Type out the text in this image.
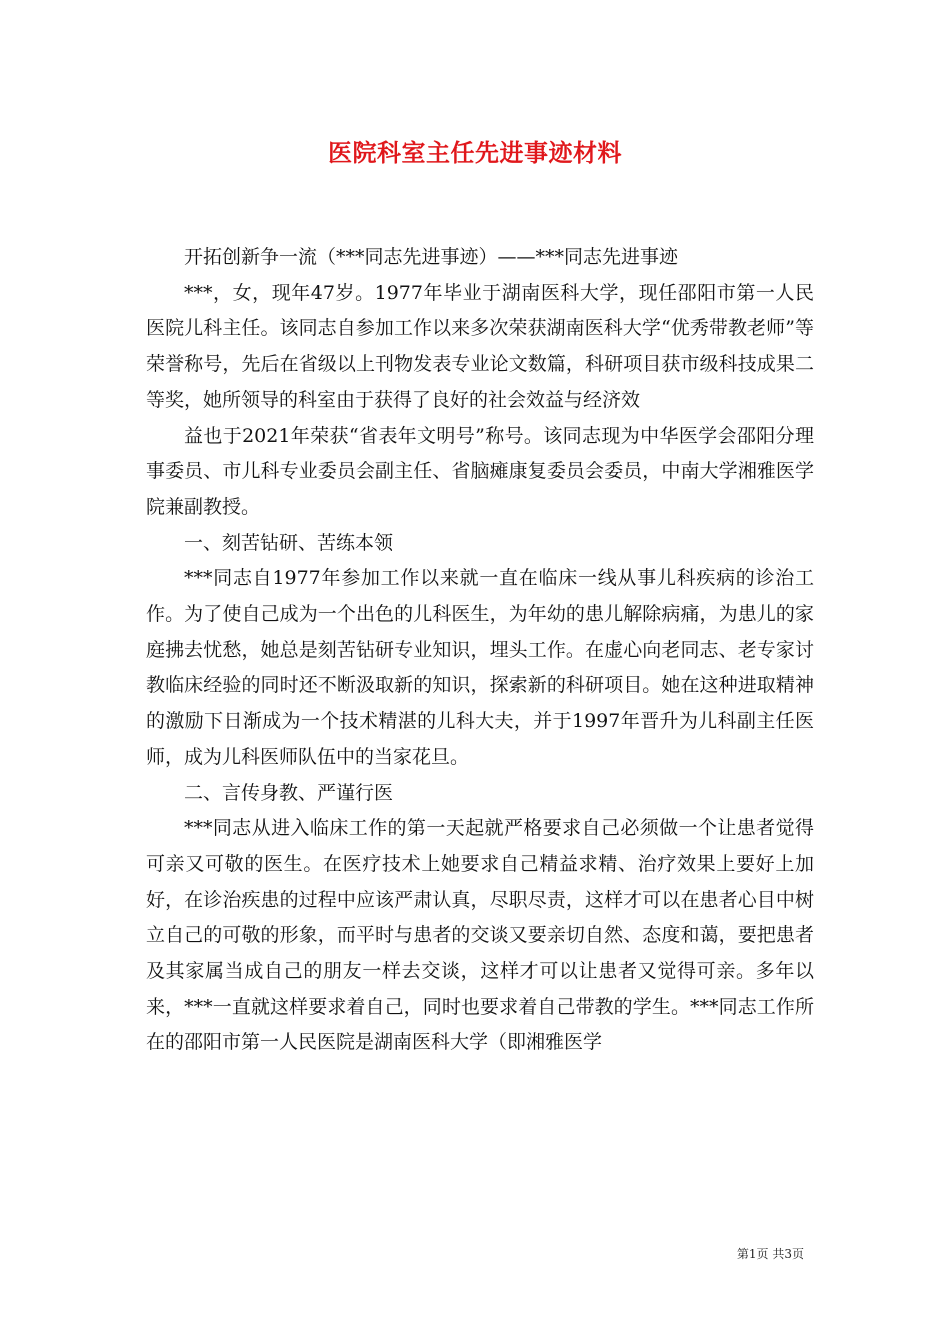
医院科室主任先进事迹材料

开拓创新争一流（***同志先进事迹）——***同志先进事迹

***，女，现年47岁。1977年毕业于湖南医科大学，现任邵阳市第一人民医院儿科主任。该同志自参加工作以来多次荣获湖南医科大学“优秀带教老师”等荣誉称号，先后在省级以上刊物发表专业论文数篇，科研项目获市级科技成果二等奖，她所领导的科室由于获得了良好的社会效益与经济效

益也于2021年荣获“省表年文明号”称号。该同志现为中华医学会邵阳分理事委员、市儿科专业委员会副主任、省脑瘫康复委员会委员，中南大学湘雅医学院兼副教授。

一、刻苦钻研、苦练本领

***同志自1977年参加工作以来就一直在临床一线从事儿科疾病的诊治工作。为了使自己成为一个出色的儿科医生，为年幼的患儿解除病痛，为患儿的家庭拂去忧愁，她总是刻苦钻研专业知识，埋头工作。在虚心向老同志、老专家讨教临床经验的同时还不断汲取新的知识，探索新的科研项目。她在这种进取精神的激励下日渐成为一个技术精湛的儿科大夫，并于1997年晋升为儿科副主任医师，成为儿科医师队伍中的当家花旦。

二、言传身教、严谨行医

***同志从进入临床工作的第一天起就严格要求自己必须做一个让患者觉得可亲又可敬的医生。在医疗技术上她要求自己精益求精、治疗效果上要好上加好，在诊治疾患的过程中应该严肃认真，尽职尽责，这样才可以在患者心目中树立自己的可敬的形象，而平时与患者的交谈又要亲切自然、态度和蔼，要把患者及其家属当成自己的朋友一样去交谈，这样才可以让患者又觉得可亲。多年以来，***一直就这样要求着自己，同时也要求着自己带教的学生。***同志工作所在的邵阳市第一人民医院是湖南医科大学（即湘雅医学

第1页 共3页
